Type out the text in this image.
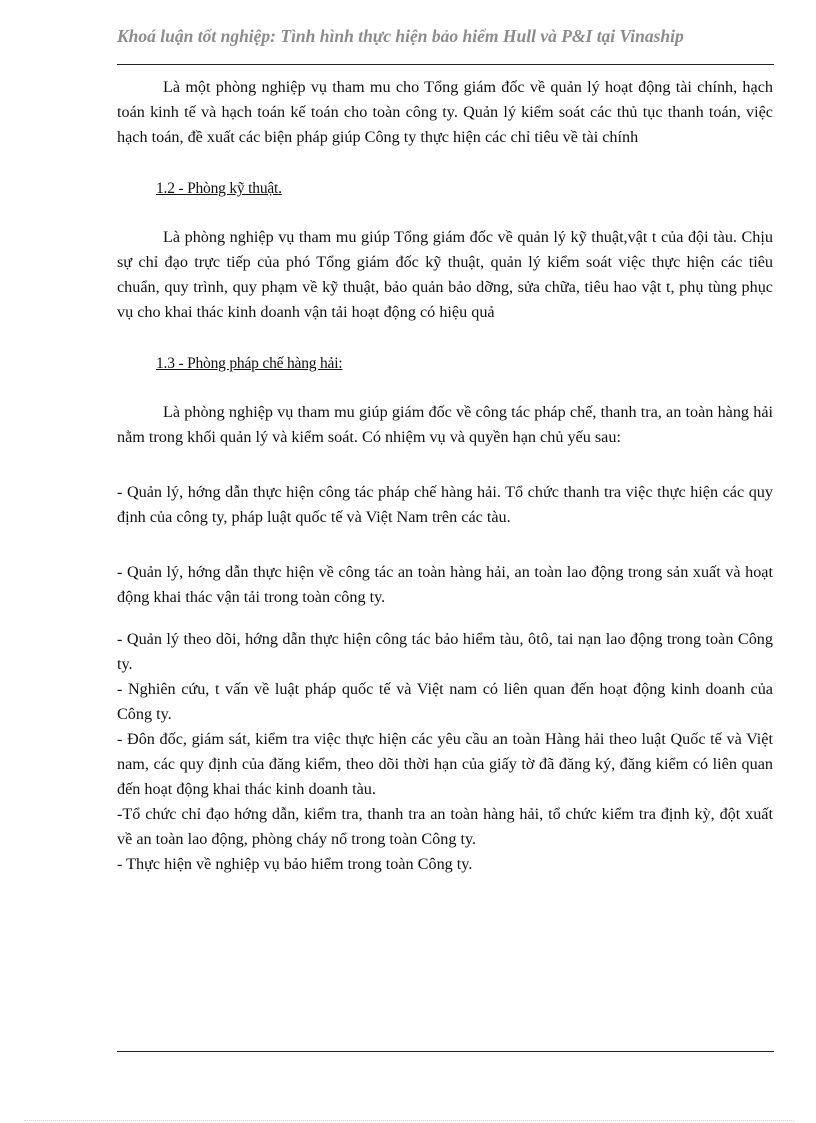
Khoá luận tốt nghiệp: Tình hình thực hiện bảo hiểm Hull và P&I tại Vinaship

Là một phòng nghiệp vụ tham mu cho Tổng giám đốc về quản lý hoạt động tài chính, hạch toán kinh tế và hạch toán kế toán cho toàn công ty. Quản lý kiểm soát các thủ tục thanh toán, việc hạch toán, đề xuất các biện pháp giúp Công ty thực hiện các chỉ tiêu về tài chính

1.2 - Phòng kỹ thuật.

Là phòng nghiệp vụ tham mu giúp Tổng giám đốc về quản lý kỹ thuật,vật t của đội tàu. Chịu sự chỉ đạo trực tiếp của phó Tổng giám đốc kỹ thuật, quản lý kiểm soát việc thực hiện các tiêu chuẩn, quy trình, quy phạm về kỹ thuật, bảo quản bảo dỡng, sửa chữa, tiêu hao vật t, phụ tùng phục vụ cho khai thác kinh doanh vận tải hoạt động có hiệu quả

1.3 - Phòng pháp chế hàng hải:

Là phòng nghiệp vụ tham mu giúp giám đốc về công tác pháp chế, thanh tra, an toàn hàng hải nằm trong khối quản lý và kiểm soát. Có nhiệm vụ và quyền hạn chủ yếu sau:

- Quản lý, hớng dẫn thực hiện công tác pháp chế hàng hải. Tổ chức thanh tra việc thực hiện các quy định của công ty, pháp luật quốc tế và Việt Nam trên các tàu.

- Quản lý, hớng dẫn thực hiện về công tác an toàn hàng hải, an toàn lao động trong sản xuất và hoạt động khai thác vận tải trong toàn công ty.

- Quản lý theo dõi, hớng dẫn thực hiện công tác bảo hiểm tàu, ôtô, tai nạn lao động trong toàn Công ty.

- Nghiên cứu, t vấn về luật pháp quốc tế và Việt nam có liên quan đến hoạt động kinh doanh của Công ty.

- Đôn đốc, giám sát, kiểm tra việc thực hiện các yêu cầu an toàn Hàng hải theo luật Quốc tế và Việt nam, các quy định của đăng kiểm, theo dõi thời hạn của giấy tờ đã đăng ký, đăng kiểm có liên quan đến hoạt động khai thác kinh doanh tàu.

-Tổ chức chỉ đạo hớng dẫn, kiểm tra, thanh tra an toàn hàng hải, tổ chức kiểm tra định kỳ, đột xuất về an toàn lao động, phòng cháy nổ trong toàn Công ty.

- Thực hiện về nghiệp vụ bảo hiểm trong toàn Công ty.
